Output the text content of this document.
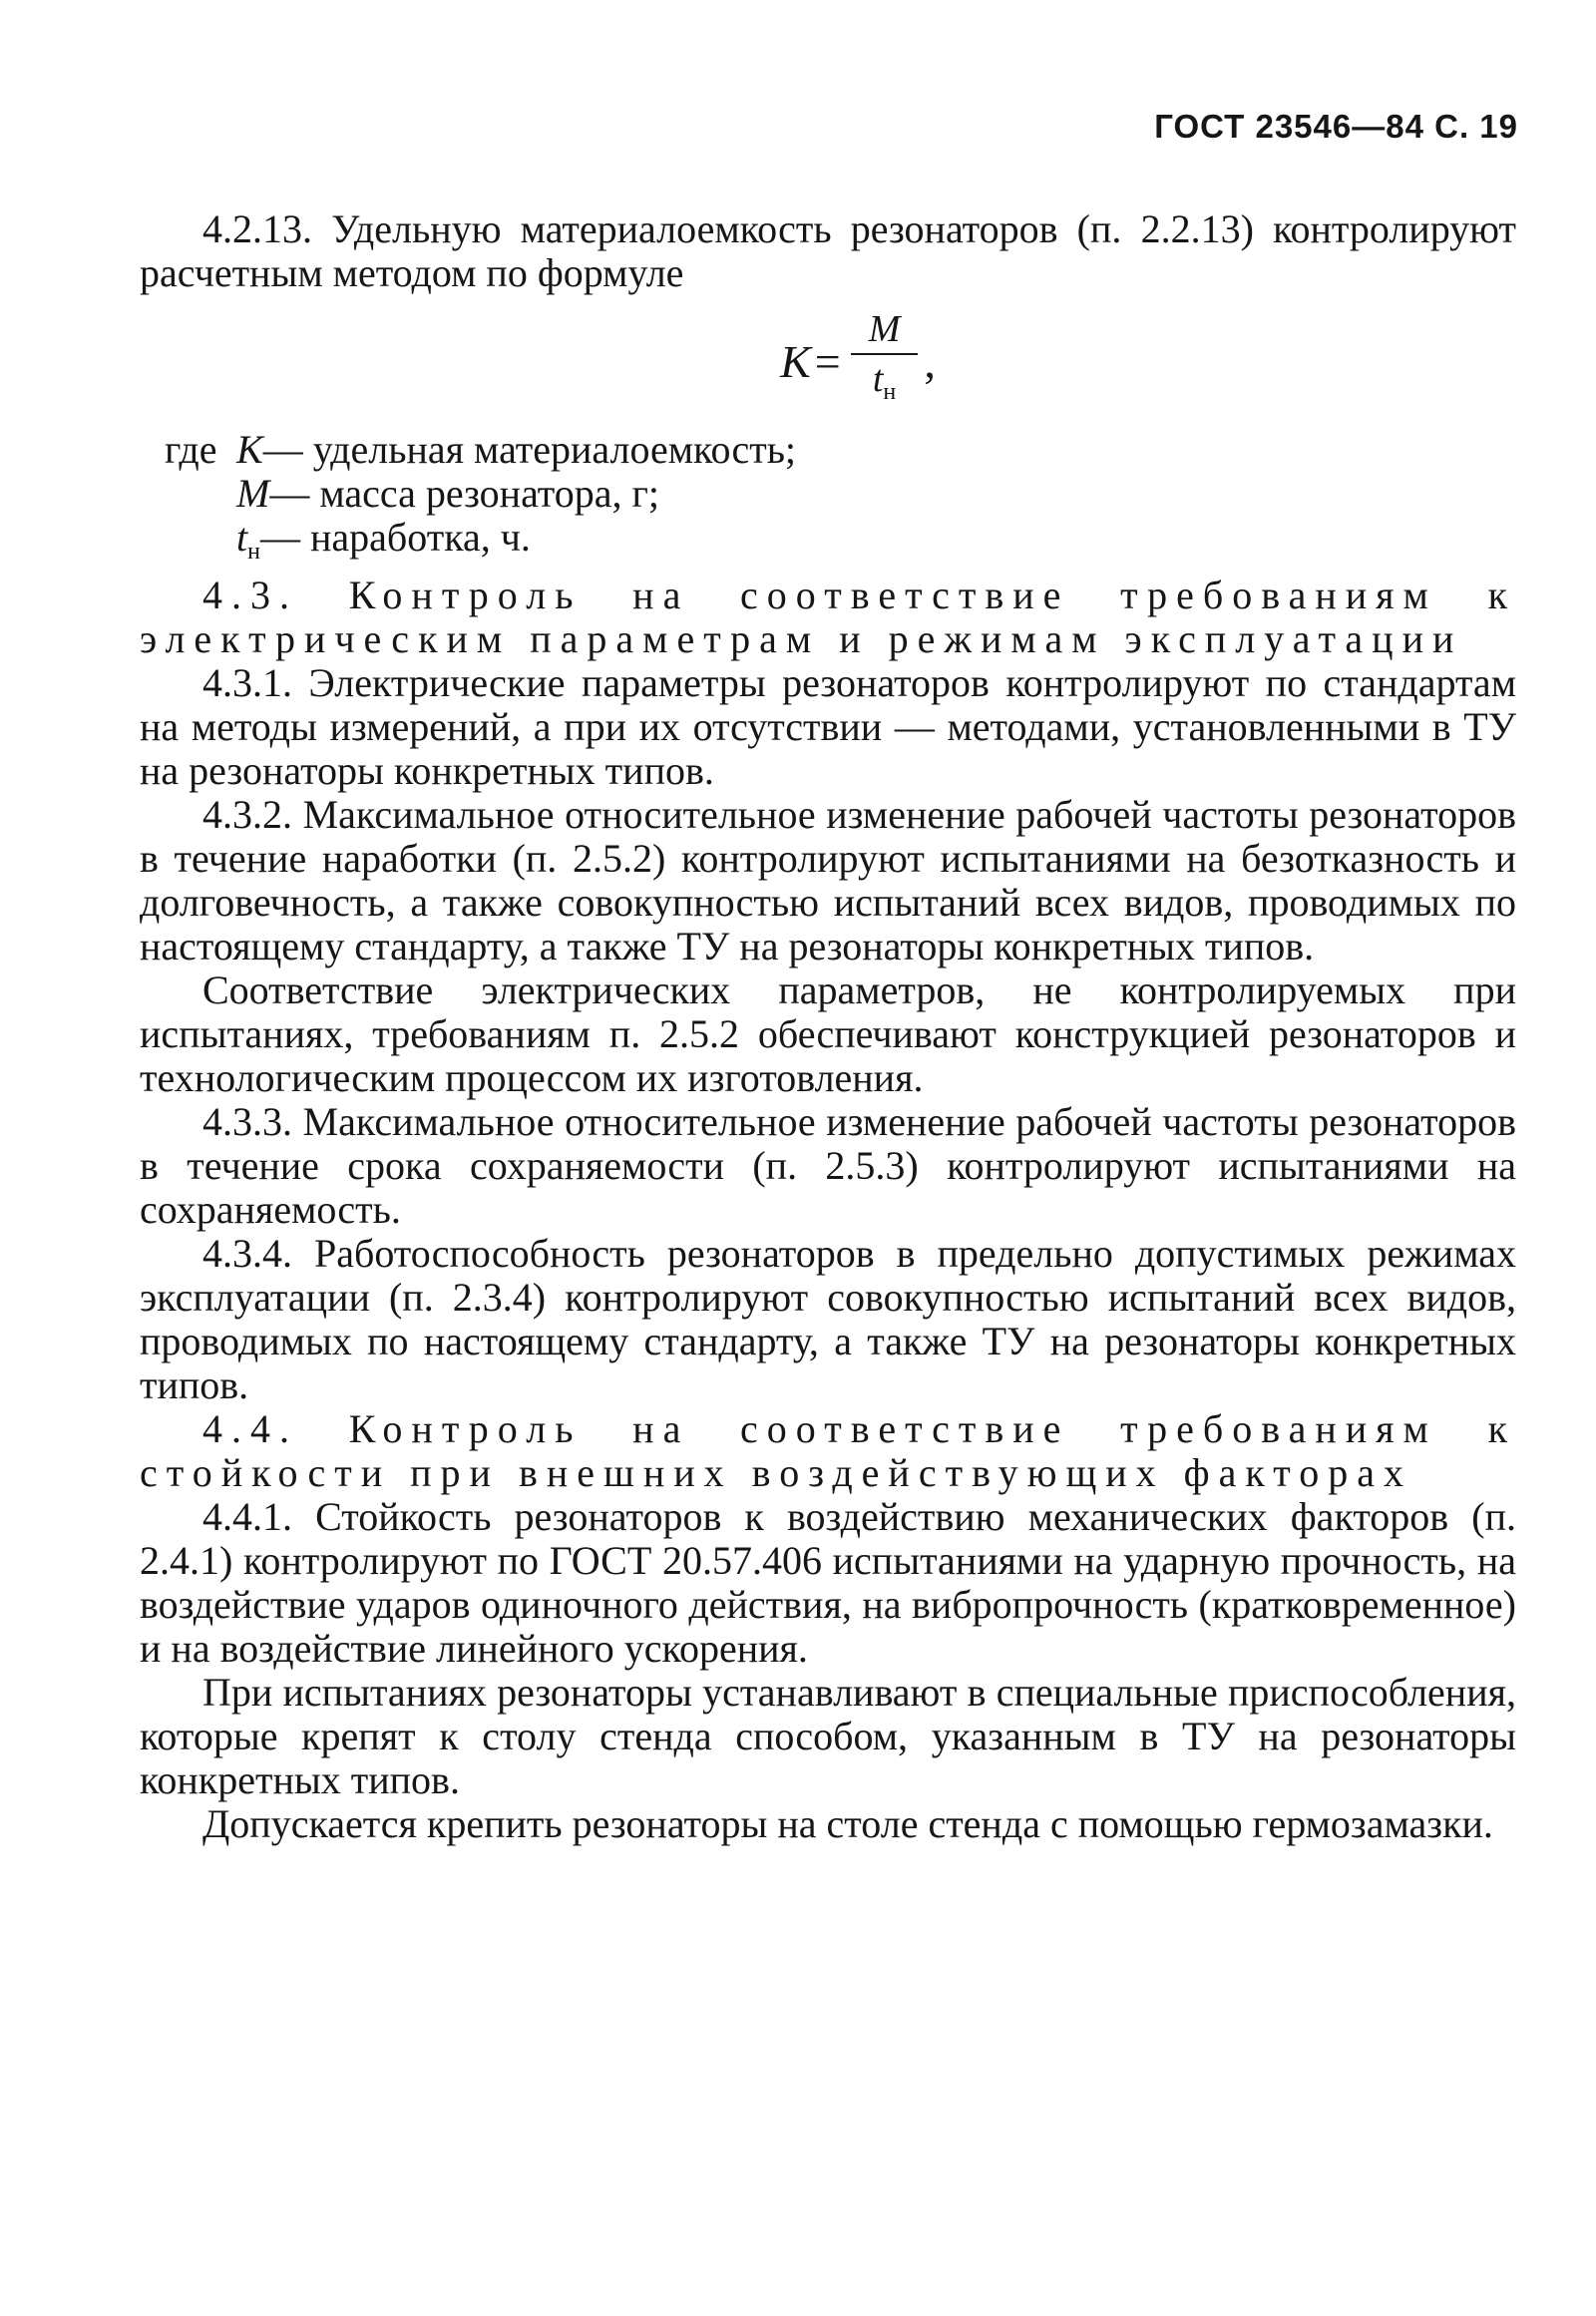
ГОСТ 23546—84 С. 19

4.2.13. Удельную материалоемкость резонаторов (п. 2.2.13) контролируют расчетным методом по формуле

$K = \frac{M}{t_н}$ ,
где K — удельная материалоемкость;
M — масса резонатора, г;
$t_н$ — наработка, ч.

4.3. Контроль на соответствие требованиям к электрическим параметрам и режимам эксплуатации

4.3.1. Электрические параметры резонаторов контролируют по стандартам на методы измерений, а при их отсутствии — методами, установленными в ТУ на резонаторы конкретных типов.

4.3.2. Максимальное относительное изменение рабочей частоты резонаторов в течение наработки (п. 2.5.2) контролируют испытаниями на безотказность и долговечность, а также совокупностью испытаний всех видов, проводимых по настоящему стандарту, а также ТУ на резонаторы конкретных типов.

Соответствие электрических параметров, не контролируемых при испытаниях, требованиям п. 2.5.2 обеспечивают конструкцией резонаторов и технологическим процессом их изготовления.

4.3.3. Максимальное относительное изменение рабочей частоты резонаторов в течение срока сохраняемости (п. 2.5.3) контролируют испытаниями на сохраняемость.

4.3.4. Работоспособность резонаторов в предельно допустимых режимах эксплуатации (п. 2.3.4) контролируют совокупностью испытаний всех видов, проводимых по настоящему стандарту, а также ТУ на резонаторы конкретных типов.

4.4. Контроль на соответствие требованиям к стойкости при внешних воздействующих факторах

4.4.1. Стойкость резонаторов к воздействию механических факторов (п. 2.4.1) контролируют по ГОСТ 20.57.406 испытаниями на ударную прочность, на воздействие ударов одиночного действия, на вибропрочность (кратковременное) и на воздействие линейного ускорения.

При испытаниях резонаторы устанавливают в специальные приспособления, которые крепят к столу стенда способом, указанным в ТУ на резонаторы конкретных типов.

Допускается крепить резонаторы на столе стенда с помощью гермозамазки.
